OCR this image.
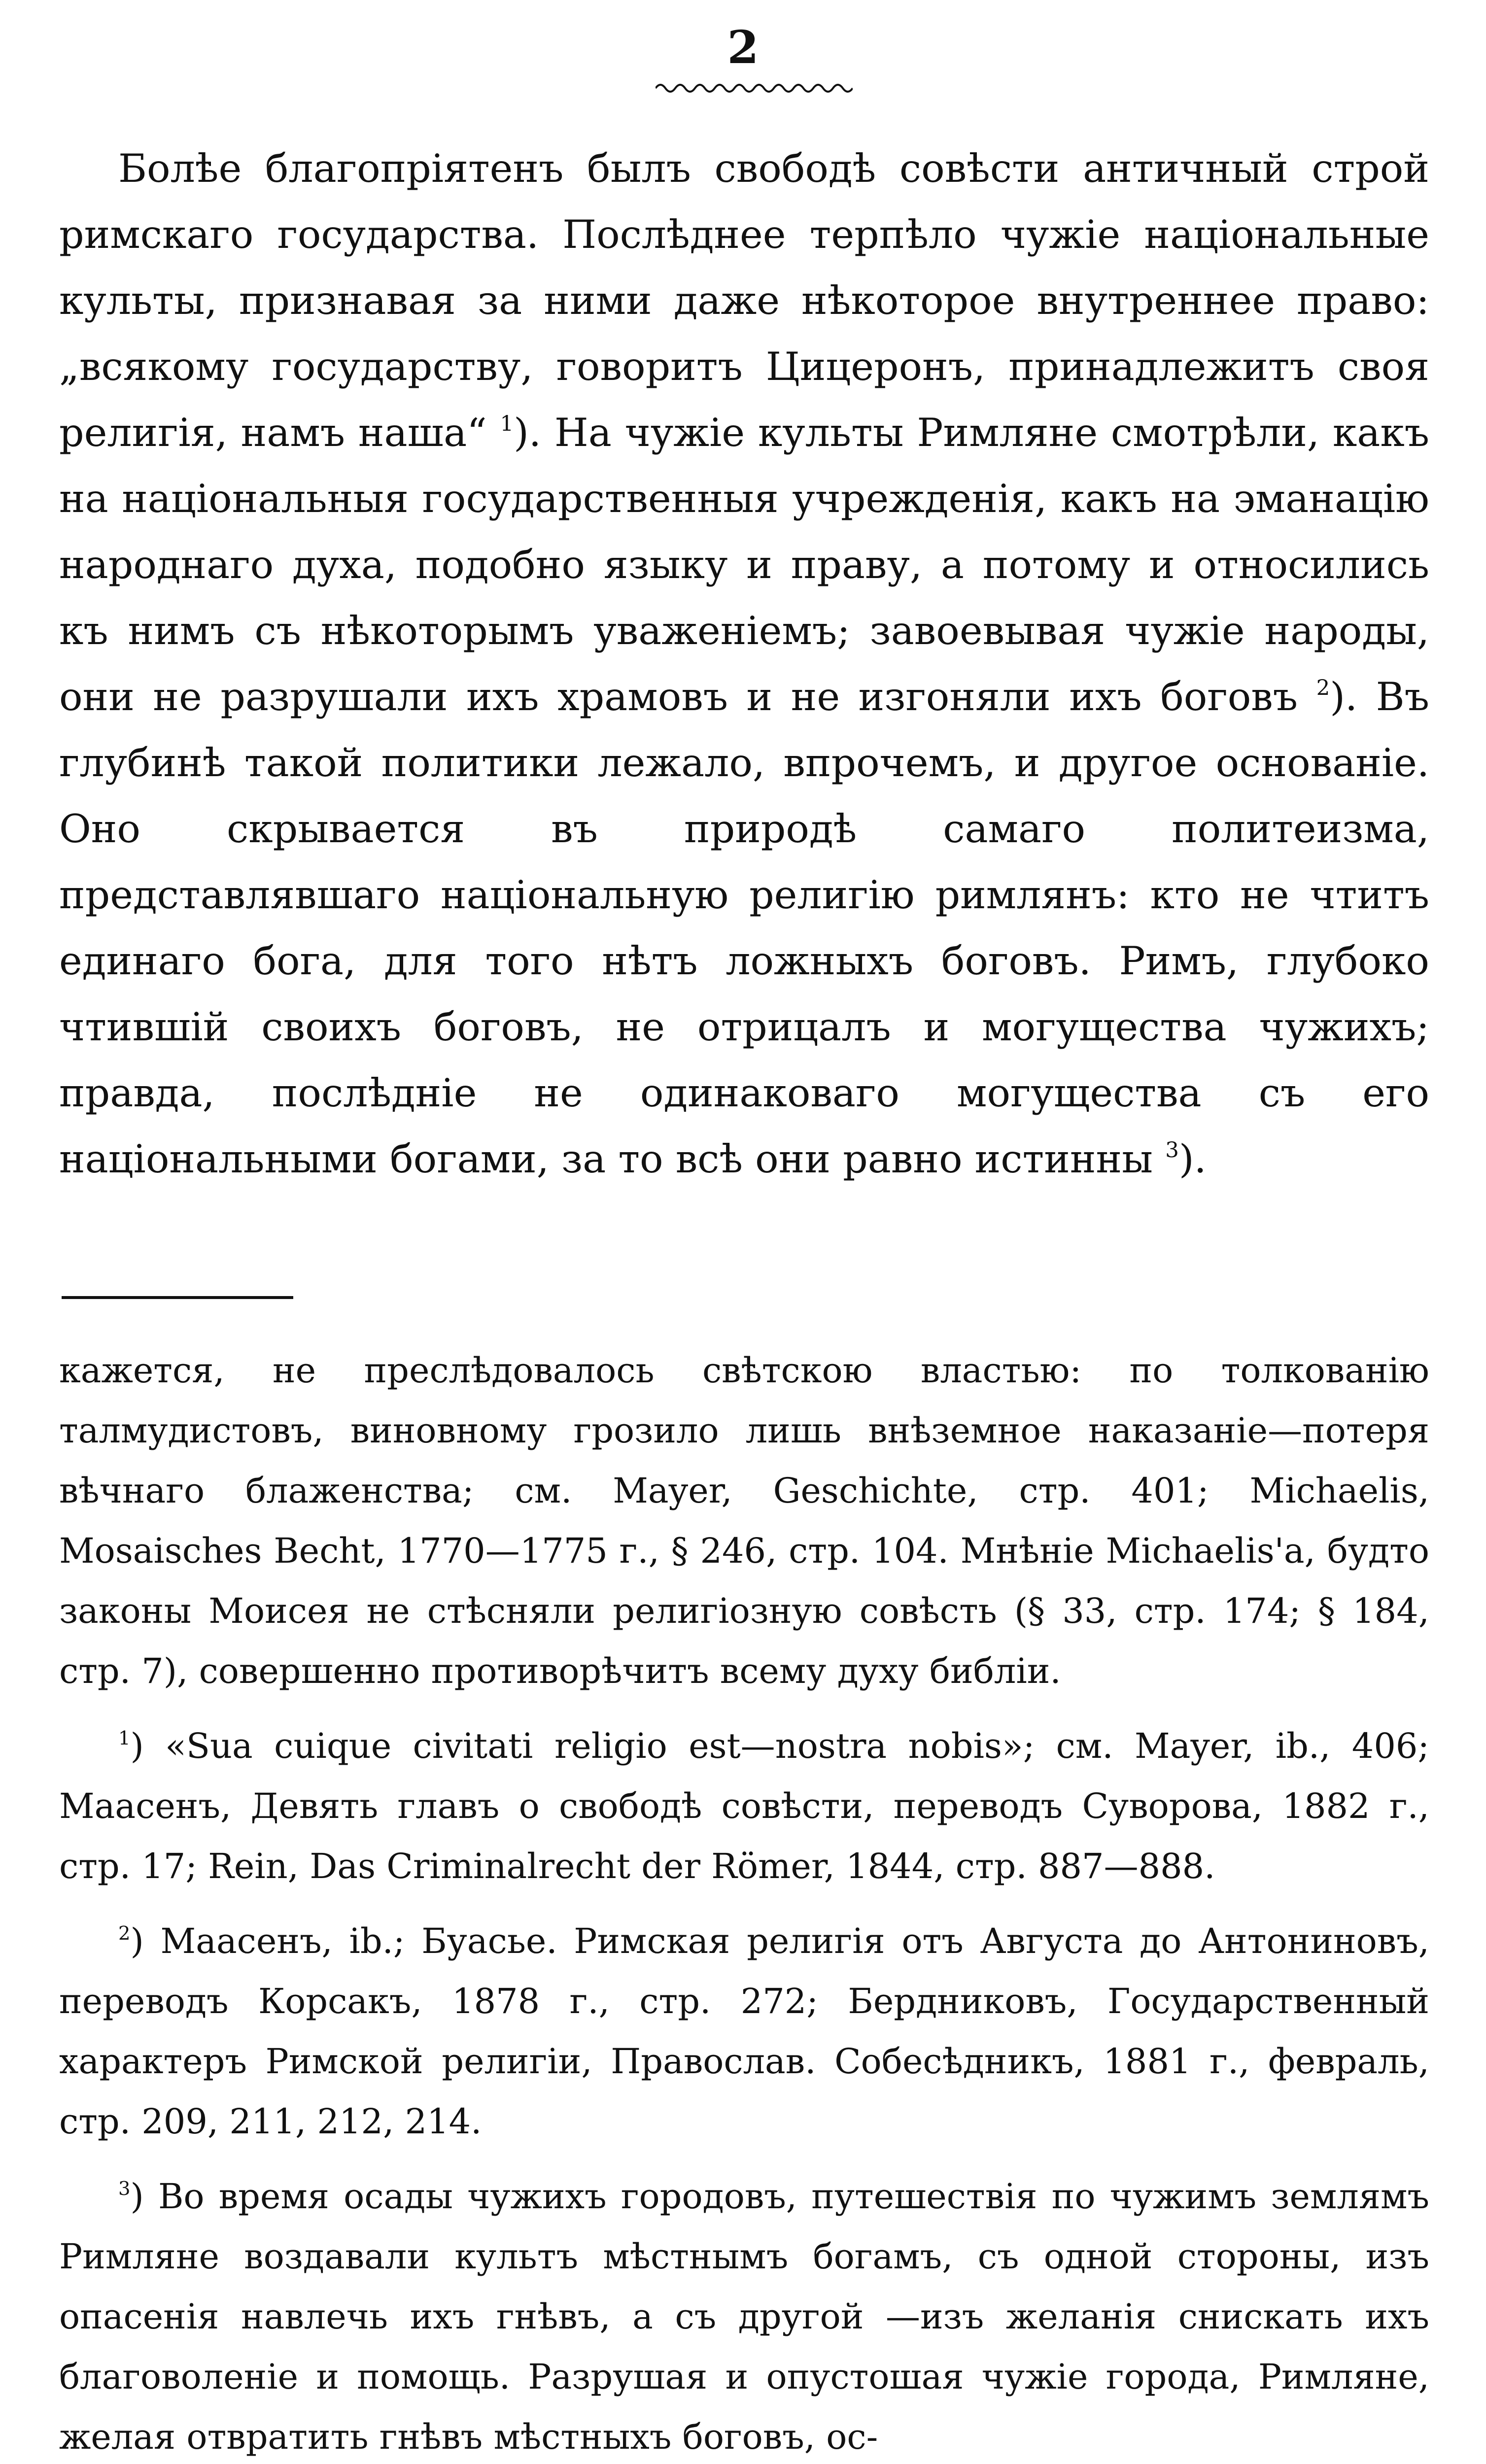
2

Болѣе благопріятенъ былъ свободѣ совѣсти античный строй римскаго государства. Послѣднее терпѣло чужіе національные культы, признавая за ними даже нѣкоторое внутреннее право: „всякому государству, говоритъ Цицеронъ, принадлежитъ своя религія, намъ наша“ $^1$). На чужіе культы Римляне смотрѣли, какъ на національныя государственныя учрежденія, какъ на эманацію народнаго духа, подобно языку и праву, а потому и относились къ нимъ съ нѣкоторымъ уваженіемъ; завоевывая чужіе народы, они не разрушали ихъ храмовъ и не изгоняли ихъ боговъ $^2$). Въ глубинѣ такой политики лежало, впрочемъ, и другое основаніе. Оно скрывается въ природѣ самаго политеизма, представлявшаго національную религію римлянъ: кто не чтитъ единаго бога, для того нѣтъ ложныхъ боговъ. Римъ, глубоко чтившій своихъ боговъ, не отрицалъ и могущества чужихъ; правда, послѣдніе не одинаковаго могущества съ его національными богами, за то всѣ они равно истинны $^3$).

кажется, не преслѣдовалось свѣтскою властью: по толкованію талмудистовъ, виновному грозило лишь внѣземное наказаніе—потеря вѣчнаго блаженства; см. Mayer, Geschichte, стр. 401; Michaelis, Mosaisches Becht, 1770—1775 г., § 246, стр. 104. Мнѣніе Michaelis'а, будто законы Моисея не стѣсняли религіозную совѣсть (§ 33, стр. 174; § 184, стр. 7), совершенно противорѣчитъ всему духу библіи.

$^1$) «Sua cuique civitati religio est—nostra nobis»; см. Mayer, ib., 406; Маасенъ, Девять главъ о свободѣ совѣсти, переводъ Суворова, 1882 г., стр. 17; Rein, Das Criminalrecht der Römer, 1844, стр. 887—888.

$^2$) Маасенъ, ib.; Буасье. Римская религія отъ Августа до Антониновъ, переводъ Корсакъ, 1878 г., стр. 272; Бердниковъ, Государственный характеръ Римской религіи, Православ. Собесѣдникъ, 1881 г., февраль, стр. 209, 211, 212, 214.

$^3$) Во время осады чужихъ городовъ, путешествія по чужимъ землямъ Римляне воздавали культъ мѣстнымъ богамъ, съ одной стороны, изъ опасенія навлечь ихъ гнѣвъ, а съ другой —изъ желанія снискать ихъ благоволеніе и помощь. Разрушая и опустошая чужіе города, Римляне, желая отвратить гнѣвъ мѣстныхъ боговъ, ос-
